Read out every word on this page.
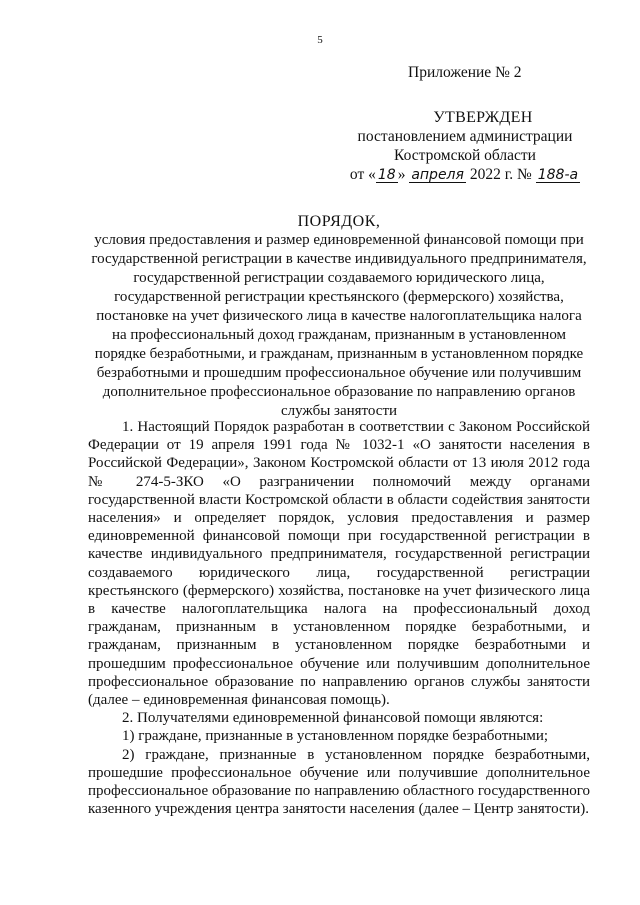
5
Приложение № 2
УТВЕРЖДЕН
постановлением администрации
Костромской области
от « 18 » апреля 2022 г. № 188-а
ПОРЯДОК,
условия предоставления и размер единовременной финансовой помощи при государственной регистрации в качестве индивидуального предпринимателя, государственной регистрации создаваемого юридического лица, государственной регистрации крестьянского (фермерского) хозяйства, постановке на учет физического лица в качестве налогоплательщика налога на профессиональный доход гражданам, признанным в установленном порядке безработными, и гражданам, признанным в установленном порядке безработными и прошедшим профессиональное обучение или получившим дополнительное профессиональное образование по направлению органов службы занятости

1. Настоящий Порядок разработан в соответствии с Законом Российской Федерации от 19 апреля 1991 года № 1032-1 «О занятости населения в Российской Федерации», Законом Костромской области от 13 июля 2012 года № 274-5-ЗКО «О разграничении полномочий между органами государственной власти Костромской области в области содействия занятости населения» и определяет порядок, условия предоставления и размер единовременной финансовой помощи при государственной регистрации в качестве индивидуального предпринимателя, государственной регистрации создаваемого юридического лица, государственной регистрации крестьянского (фермерского) хозяйства, постановке на учет физического лица в качестве налогоплательщика налога на профессиональный доход гражданам, признанным в установленном порядке безработными, и гражданам, признанным в установленном порядке безработными и прошедшим профессиональное обучение или получившим дополнительное профессиональное образование по направлению органов службы занятости (далее – единовременная финансовая помощь).

2. Получателями единовременной финансовой помощи являются:

1) граждане, признанные в установленном порядке безработными;

2) граждане, признанные в установленном порядке безработными, прошедшие профессиональное обучение или получившие дополнительное профессиональное образование по направлению областного государственного казенного учреждения центра занятости населения (далее – Центр занятости).
